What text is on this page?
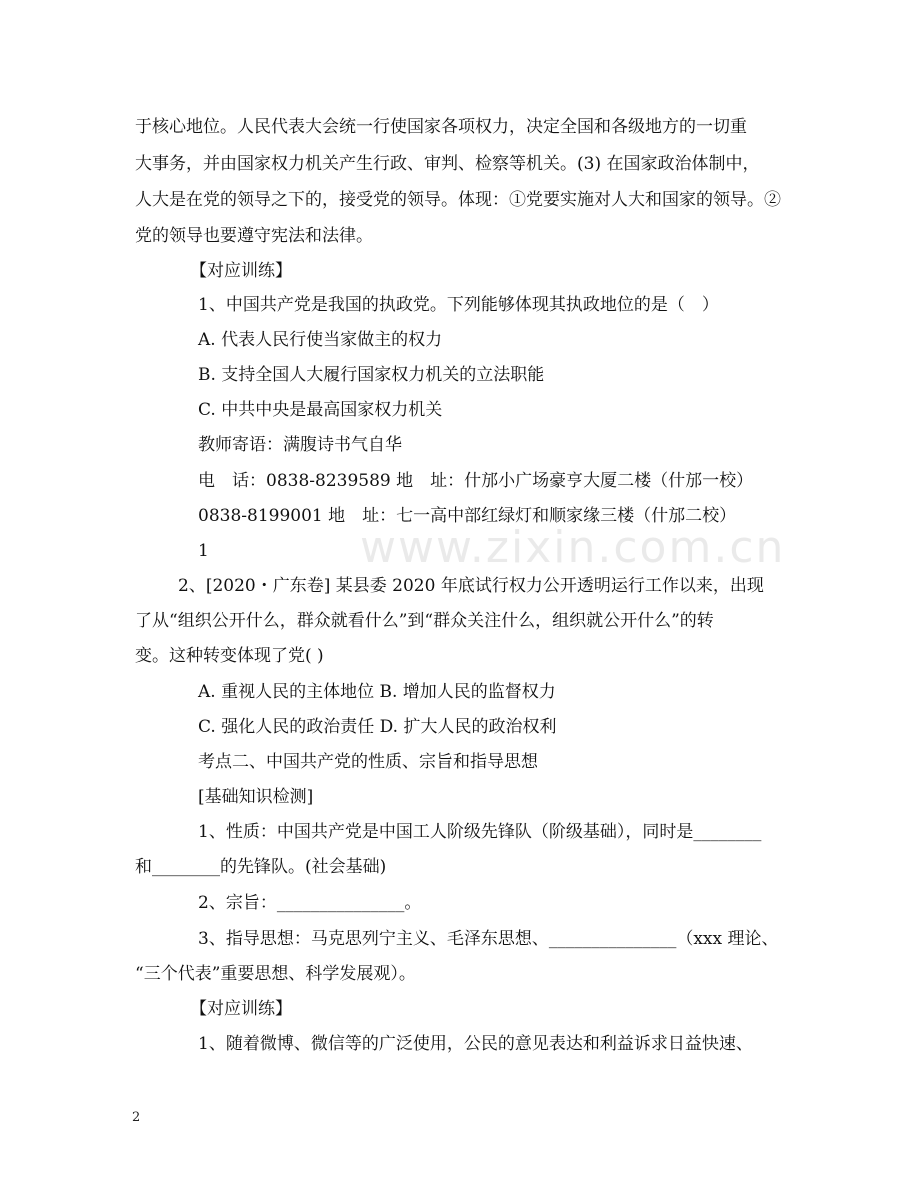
www.zixin.com.cn
于核心地位。人民代表大会统一行使国家各项权力，决定全国和各级地方的一切重
大事务，并由国家权力机关产生行政、审判、检察等机关。(3) 在国家政治体制中，
人大是在党的领导之下的，接受党的领导。体现：①党要实施对人大和国家的领导。②
党的领导也要遵守宪法和法律。
【对应训练】
1、中国共产党是我国的执政党。下列能够体现其执政地位的是（　）
A. 代表人民行使当家做主的权力
B. 支持全国人大履行国家权力机关的立法职能
C. 中共中央是最高国家权力机关
教师寄语：满腹诗书气自华
电　话：0838-8239589 地　址：什邡小广场豪亨大厦二楼（什邡一校）
0838-8199001 地　址：七一高中部红绿灯和顺家缘三楼（什邡二校）
1
2、[2020・广东卷] 某县委 2020 年底试行权力公开透明运行工作以来，出现
了从“组织公开什么，群众就看什么”到“群众关注什么，组织就公开什么”的转
变。这种转变体现了党( )
A. 重视人民的主体地位 B. 增加人民的监督权力
C. 强化人民的政治责任 D. 扩大人民的政治权利
考点二、中国共产党的性质、宗旨和指导思想
[基础知识检测]
1、性质：中国共产党是中国工人阶级先锋队（阶级基础），同时是________
和________的先锋队。(社会基础)
2、宗旨：_______________。
3、指导思想：马克思列宁主义、毛泽东思想、_______________（xxx 理论、
“三个代表”重要思想、科学发展观）。
【对应训练】
1、随着微博、微信等的广泛使用，公民的意见表达和利益诉求日益快速、
2
